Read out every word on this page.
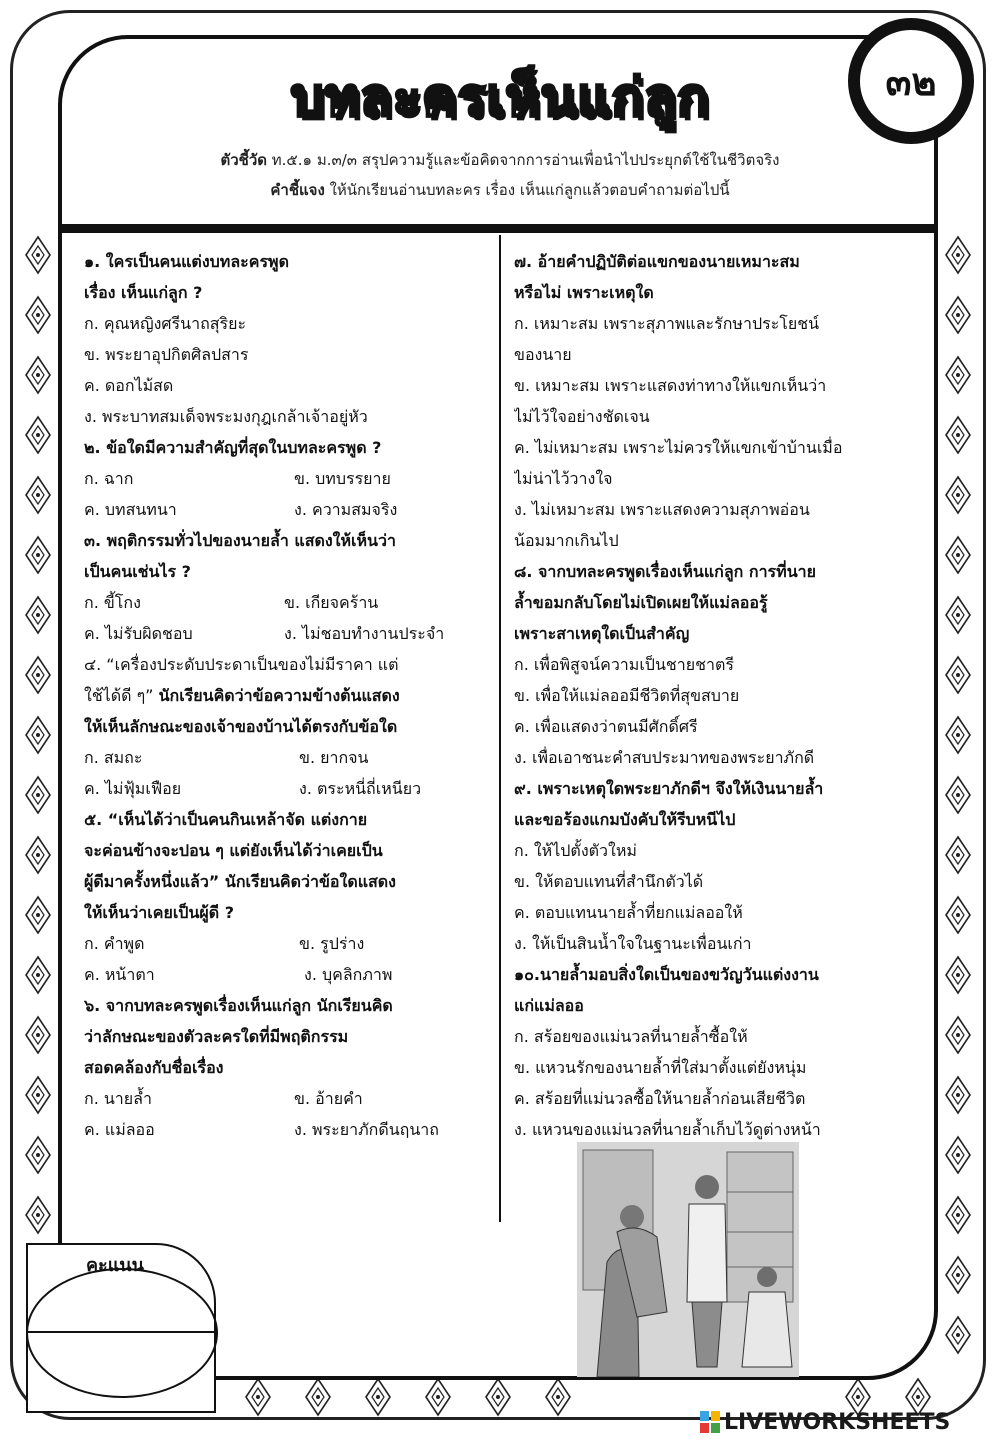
บทละครเห็นแก่ลูก	๓๒
ตัวชี้วัด ท.๕.๑ ม.๓/๓ สรุปความรู้และข้อคิดจากการอ่านเพื่อนำไปประยุกต์ใช้ในชีวิตจริง
คำชี้แจง ให้นักเรียนอ่านบทละคร เรื่อง เห็นแก่ลูกแล้วตอบคำถามต่อไปนี้
๑. ใครเป็นคนแต่งบทละครพูด
เรื่อง เห็นแก่ลูก ?
ก. คุณหญิงศรีนาถสุริยะ
ข. พระยาอุปกิตศิลปสาร
ค. ดอกไม้สด
ง. พระบาทสมเด็จพระมงกุฎเกล้าเจ้าอยู่หัว
๒. ข้อใดมีความสำคัญที่สุดในบทละครพูด ?
ก. ฉาก	ข. บทบรรยาย
ค. บทสนทนา	ง. ความสมจริง
๓. พฤติกรรมทั่วไปของนายล้ำ แสดงให้เห็นว่า
เป็นคนเช่นไร ?
ก. ขี้โกง	ข. เกียจคร้าน
ค. ไม่รับผิดชอบ	ง. ไม่ชอบทำงานประจำ
๔. “เครื่องประดับประดาเป็นของไม่มีราคา แต่
ใช้ได้ดี ๆ” นักเรียนคิดว่าข้อความข้างต้นแสดง
ให้เห็นลักษณะของเจ้าของบ้านได้ตรงกับข้อใด
ก. สมถะ	ข. ยากจน
ค. ไม่ฟุ้มเฟือย	ง. ตระหนี่ถี่เหนียว
๕. “เห็นได้ว่าเป็นคนกินเหล้าจัด แต่งกาย
จะค่อนข้างจะปอน ๆ แต่ยังเห็นได้ว่าเคยเป็น
ผู้ดีมาครั้งหนึ่งแล้ว” นักเรียนคิดว่าข้อใดแสดง
ให้เห็นว่าเคยเป็นผู้ดี ?
ก. คำพูด	ข. รูปร่าง
ค. หน้าตา	ง. บุคลิกภาพ
๖. จากบทละครพูดเรื่องเห็นแก่ลูก นักเรียนคิด
ว่าลักษณะของตัวละครใดที่มีพฤติกรรม
สอดคล้องกับชื่อเรื่อง
ก. นายล้ำ	ข. อ้ายคำ
ค. แม่ลออ	ง. พระยาภักดีนฤนาถ
๗. อ้ายคำปฏิบัติต่อแขกของนายเหมาะสม
หรือไม่ เพราะเหตุใด
ก. เหมาะสม เพราะสุภาพและรักษาประโยชน์
ของนาย
ข. เหมาะสม เพราะแสดงท่าทางให้แขกเห็นว่า
ไม่ไว้ใจอย่างชัดเจน
ค. ไม่เหมาะสม เพราะไม่ควรให้แขกเข้าบ้านเมื่อ
ไม่น่าไว้วางใจ
ง. ไม่เหมาะสม เพราะแสดงความสุภาพอ่อน
น้อมมากเกินไป
๘. จากบทละครพูดเรื่องเห็นแก่ลูก การที่นาย
ล้ำขอมกลับโดยไม่เปิดเผยให้แม่ลออรู้
เพราะสาเหตุใดเป็นสำคัญ
ก. เพื่อพิสูจน์ความเป็นชายชาตรี
ข. เพื่อให้แม่ลออมีชีวิตที่สุขสบาย
ค. เพื่อแสดงว่าตนมีศักดิ์ศรี
ง. เพื่อเอาชนะคำสบประมาทของพระยาภักดี
๙. เพราะเหตุใดพระยาภักดีฯ จึงให้เงินนายล้ำ
และขอร้องแกมบังคับให้รีบหนีไป
ก. ให้ไปตั้งตัวใหม่
ข. ให้ตอบแทนที่สำนึกตัวได้
ค. ตอบแทนนายล้ำที่ยกแม่ลออให้
ง. ให้เป็นสินน้ำใจในฐานะเพื่อนเก่า
๑๐.นายล้ำมอบสิ่งใดเป็นของขวัญวันแต่งงาน
แก่แม่ลออ
ก. สร้อยของแม่นวลที่นายล้ำซื้อให้
ข. แหวนรักของนายล้ำที่ใส่มาตั้งแต่ยังหนุ่ม
ค. สร้อยที่แม่นวลซื้อให้นายล้ำก่อนเสียชีวิต
ง. แหวนของแม่นวลที่นายล้ำเก็บไว้ดูต่างหน้า
คะแนน
LIVEWORKSHEETS
